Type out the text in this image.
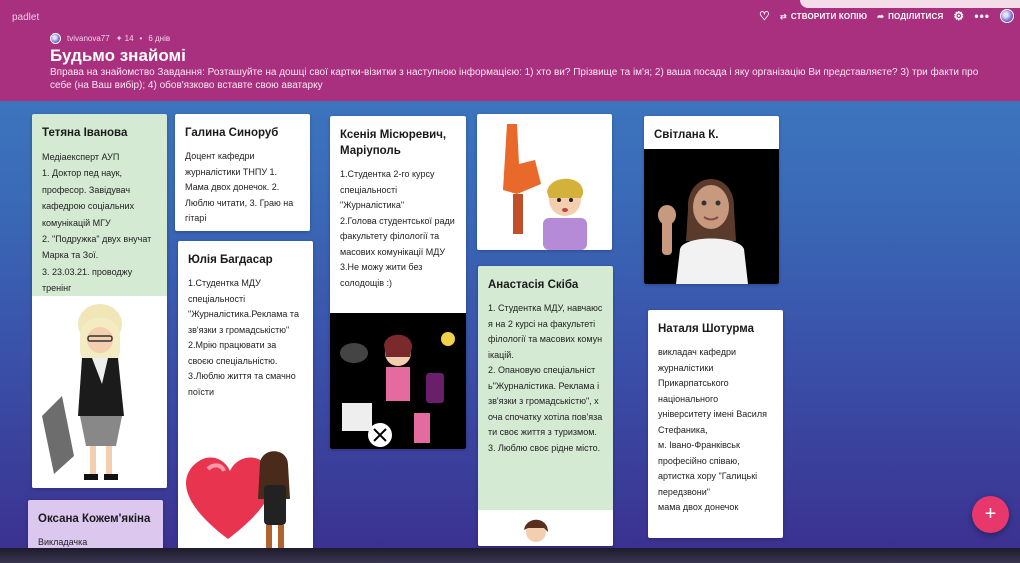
padlet	♡ ⇄ СТВОРИТИ КОПІЮ ➦ ПОДІЛИТИСЯ ⚙ •••
tvivanova77 ✦ 14 • 6 днів
Будьмо знайомі
Вправа на знайомство Завдання: Розташуйте на дошці свої картки-візитки з наступною інформацією: 1) хто ви? Прізвище та ім'я; 2) ваша посада і яку організацію Ви представляєте? 3) три факти про себе (на Ваш вибір); 4) обов'язково вставте свою аватарку
Тетяна Іванова
Медіаексперт АУП
1. Доктор пед наук, професор. Завідувач кафедрою соціальних комунікацій МГУ
2. "Подружка" двух внучат Марка та Зої.
3. 23.03.21. проводжу тренінг
Оксана Кожем'якіна
Викладачка
Галина Синоруб
Доцент кафедри журналістики ТНПУ 1. Мама двох донечок. 2. Люблю читати, 3. Граю на гітарі
Юлія Багдасар
1.Студентка МДУ спеціальності "Журналістика.Реклама та зв'язки з громадськістю"
2.Мрію працювати за своєю спеціальністю.
3.Люблю життя та смачно поїсти
Ксенія Місюревич, Маріуполь
1.Студентка 2-го курсу спеціальності "Журналістика"
2.Голова студентської ради факультету філології та масових комунікації МДУ
3.Не можу жити без солодощів :)	Анастасія Скіба
1. Студентка МДУ, навчаюся на 2 курсі на факультеті філології та масових комунікацій.
2. Опановую спеціальність"Журналістика. Реклама і зв'язки з громадськістю", хоча спочатку хотіла пов'язати своє життя з туризмом.
3. Люблю своє рідне місто.
Світлана К.
Наталя Шотурма
викладач кафедри журналістики Прикарпатського національного університету імені Василя Стефаника,
м. Івано-Франківськ професійно співаю, артистка хору "Галицькі передзвони"
мама двох донечок	+
